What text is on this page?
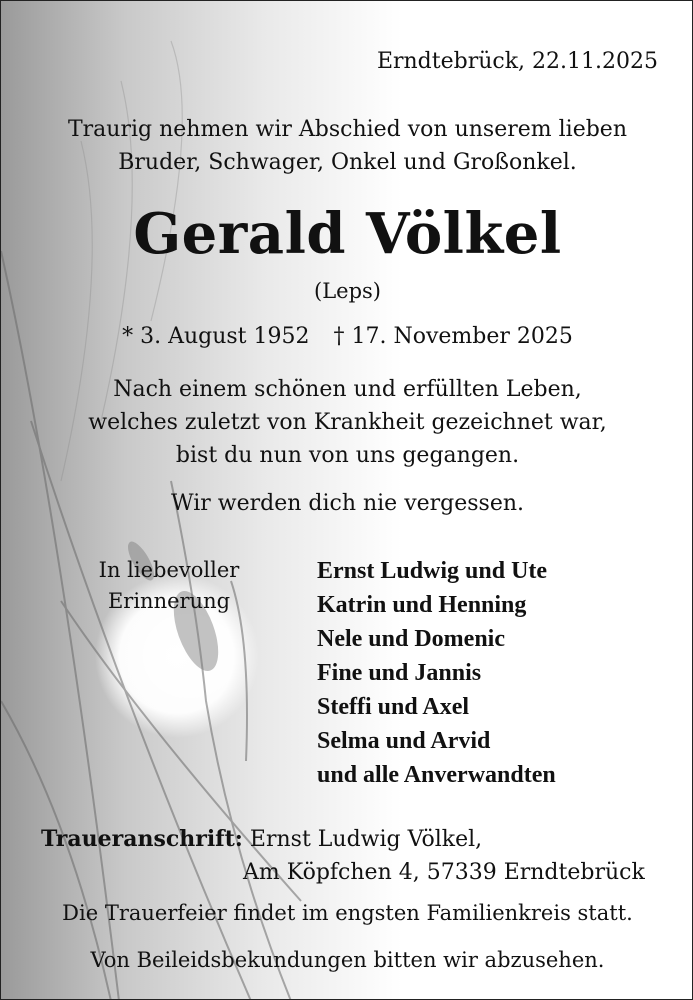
Erndtebrück, 22.11.2025
Traurig nehmen wir Abschied von unserem lieben
Bruder, Schwager, Onkel und Großonkel.
Gerald Völkel
(Leps)
* 3. August 1952 † 17. November 2025
Nach einem schönen und erfüllten Leben,
welches zuletzt von Krankheit gezeichnet war,
bist du nun von uns gegangen.
Wir werden dich nie vergessen.
In liebevoller
Erinnerung
Ernst Ludwig und Ute
Katrin und Henning
Nele und Domenic
Fine und Jannis
Steffi und Axel
Selma und Arvid
und alle Anverwandten
Traueranschrift: Ernst Ludwig Völkel,
Am Köpfchen 4, 57339 Erndtebrück
Die Trauerfeier findet im engsten Familienkreis statt.
Von Beileidsbekundungen bitten wir abzusehen.
